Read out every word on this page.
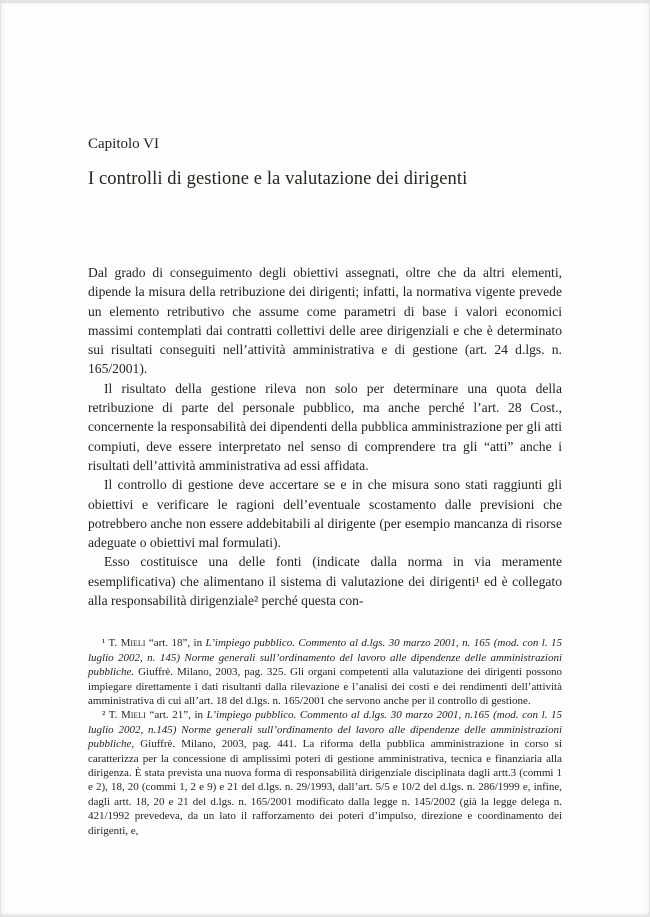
Capitolo VI
I controlli di gestione e la valutazione dei dirigenti

Dal grado di conseguimento degli obiettivi assegnati, oltre che da altri elementi, dipende la misura della retribuzione dei dirigenti; infatti, la normativa vigente prevede un elemento retributivo che assume come parametri di base i valori economici massimi contemplati dai contratti collettivi delle aree dirigenziali e che è determinato sui risultati conseguiti nell’attività amministrativa e di gestione (art. 24 d.lgs. n. 165/2001).

Il risultato della gestione rileva non solo per determinare una quota della retribuzione di parte del personale pubblico, ma anche perché l’art. 28 Cost., concernente la responsabilità dei dipendenti della pubblica amministrazione per gli atti compiuti, deve essere interpretato nel senso di comprendere tra gli “atti” anche i risultati dell’attività amministrativa ad essi affidata.

Il controllo di gestione deve accertare se e in che misura sono stati raggiunti gli obiettivi e verificare le ragioni dell’eventuale scostamento dalle previsioni che potrebbero anche non essere addebitabili al dirigente (per esempio mancanza di risorse adeguate o obiettivi mal formulati).

Esso costituisce una delle fonti (indicate dalla norma in via meramente esemplificativa) che alimentano il sistema di valutazione dei dirigenti¹ ed è collegato alla responsabilità dirigenziale² perché questa con-

¹ T. Mieli “art. 18”, in L’impiego pubblico. Commento al d.lgs. 30 marzo 2001, n. 165 (mod. con l. 15 luglio 2002, n. 145) Norme generali sull’ordinamento del lavoro alle dipendenze delle amministrazioni pubbliche. Giuffrè. Milano, 2003, pag. 325. Gli organi competenti alla valutazione dei dirigenti possono impiegare direttamente i dati risultanti dalla rilevazione e l’analisi dei costi e dei rendimenti dell’attività amministrativa di cui all’art. 18 del d.lgs. n. 165/2001 che servono anche per il controllo di gestione.

² T. Mieli “art. 21”, in L’impiego pubblico. Commento al d.lgs. 30 marzo 2001, n.165 (mod. con l. 15 luglio 2002, n.145) Norme generali sull’ordinamento del lavoro alle dipendenze delle amministrazioni pubbliche, Giuffrè. Milano, 2003, pag. 441. La riforma della pubblica amministrazione in corso si caratterizza per la concessione di amplissimi poteri di gestione amministrativa, tecnica e finanziaria alla dirigenza. È stata prevista una nuova forma di responsabilità dirigenziale disciplinata dagli artt.3 (commi 1 e 2), 18, 20 (commi 1, 2 e 9) e 21 del d.lgs. n. 29/1993, dall’art. 5/5 e 10/2 del d.lgs. n. 286/1999 e, infine, dagli artt. 18, 20 e 21 del d.lgs. n. 165/2001 modificato dalla legge n. 145/2002 (già la legge delega n. 421/1992 prevedeva, da un lato il rafforzamento dei poteri d’impulso, direzione e coordinamento dei dirigenti, e,
